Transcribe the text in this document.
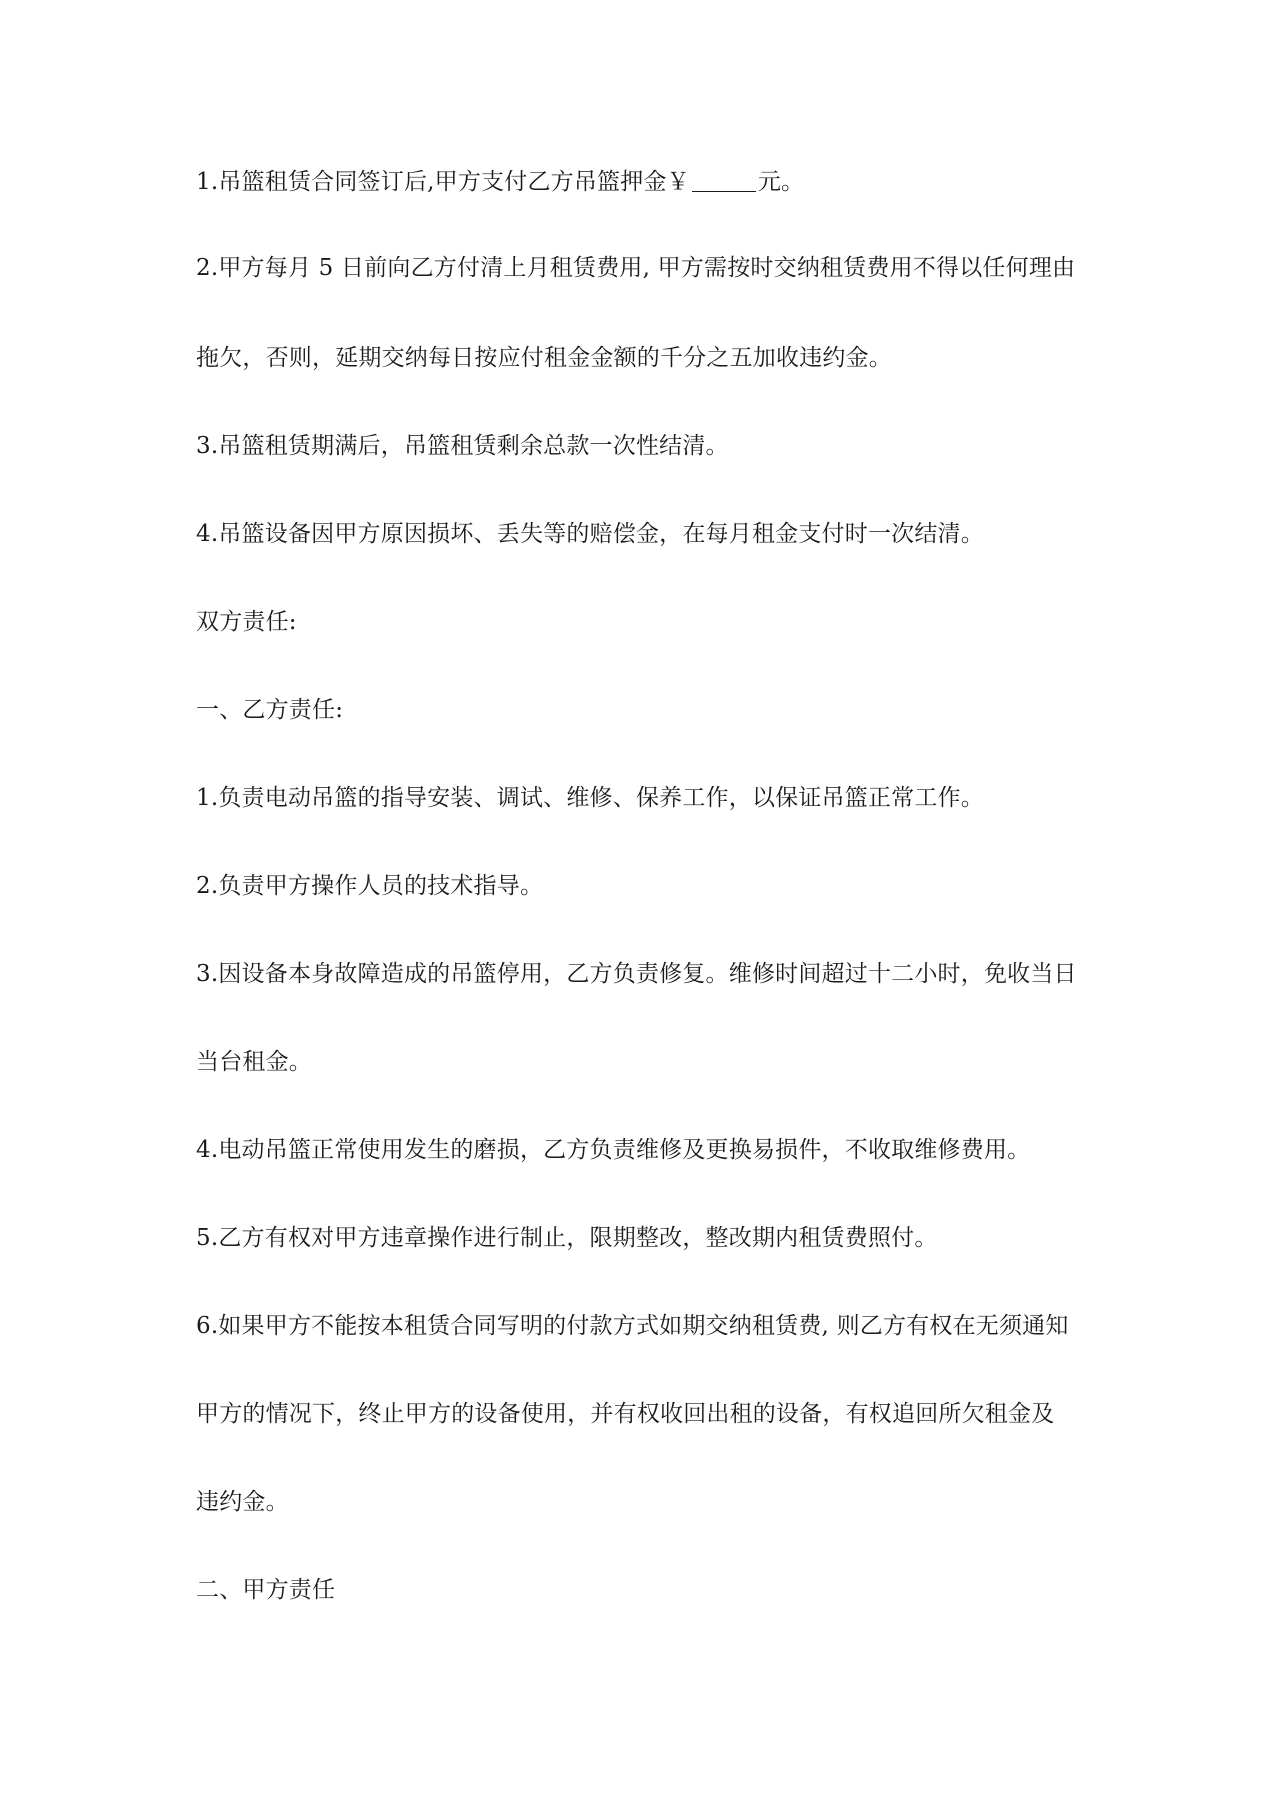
1.吊篮租赁合同签订后,甲方支付乙方吊篮押金￥	元。
2.甲方每月 5 日前向乙方付清上月租赁费用, 甲方需按时交纳租赁费用不得以任何理由
拖欠，否则，延期交纳每日按应付租金金额的千分之五加收违约金。
3.吊篮租赁期满后，吊篮租赁剩余总款一次性结清。
4.吊篮设备因甲方原因损坏、丢失等的赔偿金，在每月租金支付时一次结清。
双方责任:
一、乙方责任:
1.负责电动吊篮的指导安装、调试、维修、保养工作，以保证吊篮正常工作。
2.负责甲方操作人员的技术指导。
3.因设备本身故障造成的吊篮停用，乙方负责修复。维修时间超过十二小时，免收当日
当台租金。
4.电动吊篮正常使用发生的磨损，乙方负责维修及更换易损件，不收取维修费用。
5.乙方有权对甲方违章操作进行制止，限期整改，整改期内租赁费照付。
6.如果甲方不能按本租赁合同写明的付款方式如期交纳租赁费, 则乙方有权在无须通知
甲方的情况下，终止甲方的设备使用，并有权收回出租的设备，有权追回所欠租金及
违约金。
二、甲方责任
